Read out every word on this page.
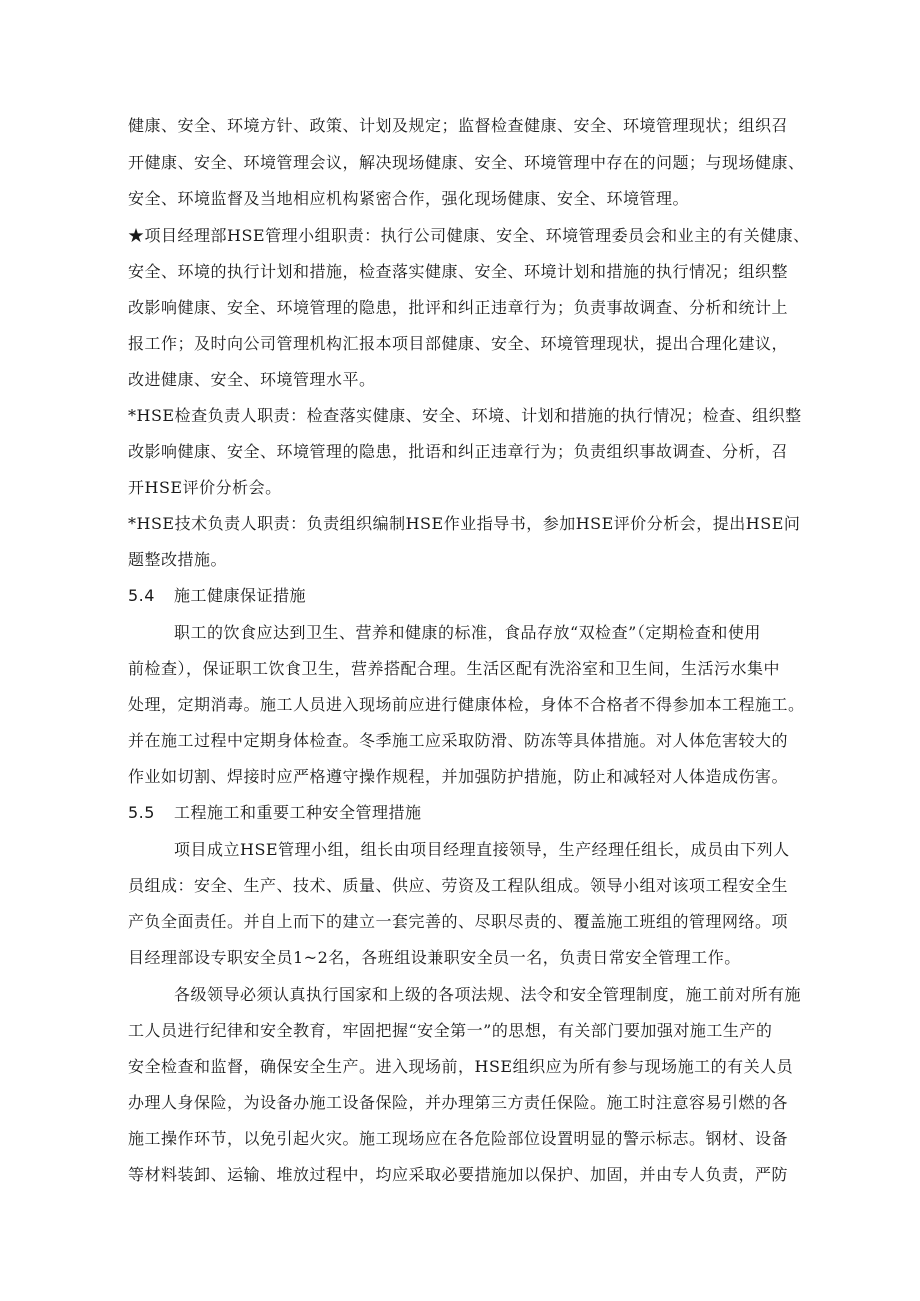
健康、安全、环境方针、政策、计划及规定；监督检查健康、安全、环境管理现状；组织召
开健康、安全、环境管理会议，解决现场健康、安全、环境管理中存在的问题；与现场健康、
安全、环境监督及当地相应机构紧密合作，强化现场健康、安全、环境管理。
★项目经理部HSE管理小组职责：执行公司健康、安全、环境管理委员会和业主的有关健康、
安全、环境的执行计划和措施，检查落实健康、安全、环境计划和措施的执行情况；组织整
改影响健康、安全、环境管理的隐患，批评和纠正违章行为；负责事故调查、分析和统计上
报工作；及时向公司管理机构汇报本项目部健康、安全、环境管理现状，提出合理化建议，
改进健康、安全、环境管理水平。
*HSE检查负责人职责：检查落实健康、安全、环境、计划和措施的执行情况；检查、组织整
改影响健康、安全、环境管理的隐患，批语和纠正违章行为；负责组织事故调查、分析，召
开HSE评价分析会。
*HSE技术负责人职责：负责组织编制HSE作业指导书，参加HSE评价分析会，提出HSE问
题整改措施。
5.4 施工健康保证措施
职工的饮食应达到卫生、营养和健康的标准，食品存放“双检查”（定期检查和使用
前检查），保证职工饮食卫生，营养搭配合理。生活区配有洗浴室和卫生间，生活污水集中
处理，定期消毒。施工人员进入现场前应进行健康体检，身体不合格者不得参加本工程施工。
并在施工过程中定期身体检查。冬季施工应采取防滑、防冻等具体措施。对人体危害较大的
作业如切割、焊接时应严格遵守操作规程，并加强防护措施，防止和减轻对人体造成伤害。
5.5 工程施工和重要工种安全管理措施
项目成立HSE管理小组，组长由项目经理直接领导，生产经理任组长，成员由下列人
员组成：安全、生产、技术、质量、供应、劳资及工程队组成。领导小组对该项工程安全生
产负全面责任。并自上而下的建立一套完善的、尽职尽责的、覆盖施工班组的管理网络。项
目经理部设专职安全员1~2名，各班组设兼职安全员一名，负责日常安全管理工作。
各级领导必须认真执行国家和上级的各项法规、法令和安全管理制度，施工前对所有施
工人员进行纪律和安全教育，牢固把握“安全第一”的思想，有关部门要加强对施工生产的
安全检查和监督，确保安全生产。进入现场前，HSE组织应为所有参与现场施工的有关人员
办理人身保险，为设备办施工设备保险，并办理第三方责任保险。施工时注意容易引燃的各
施工操作环节，以免引起火灾。施工现场应在各危险部位设置明显的警示标志。钢材、设备
等材料装卸、运输、堆放过程中，均应采取必要措施加以保护、加固，并由专人负责，严防
